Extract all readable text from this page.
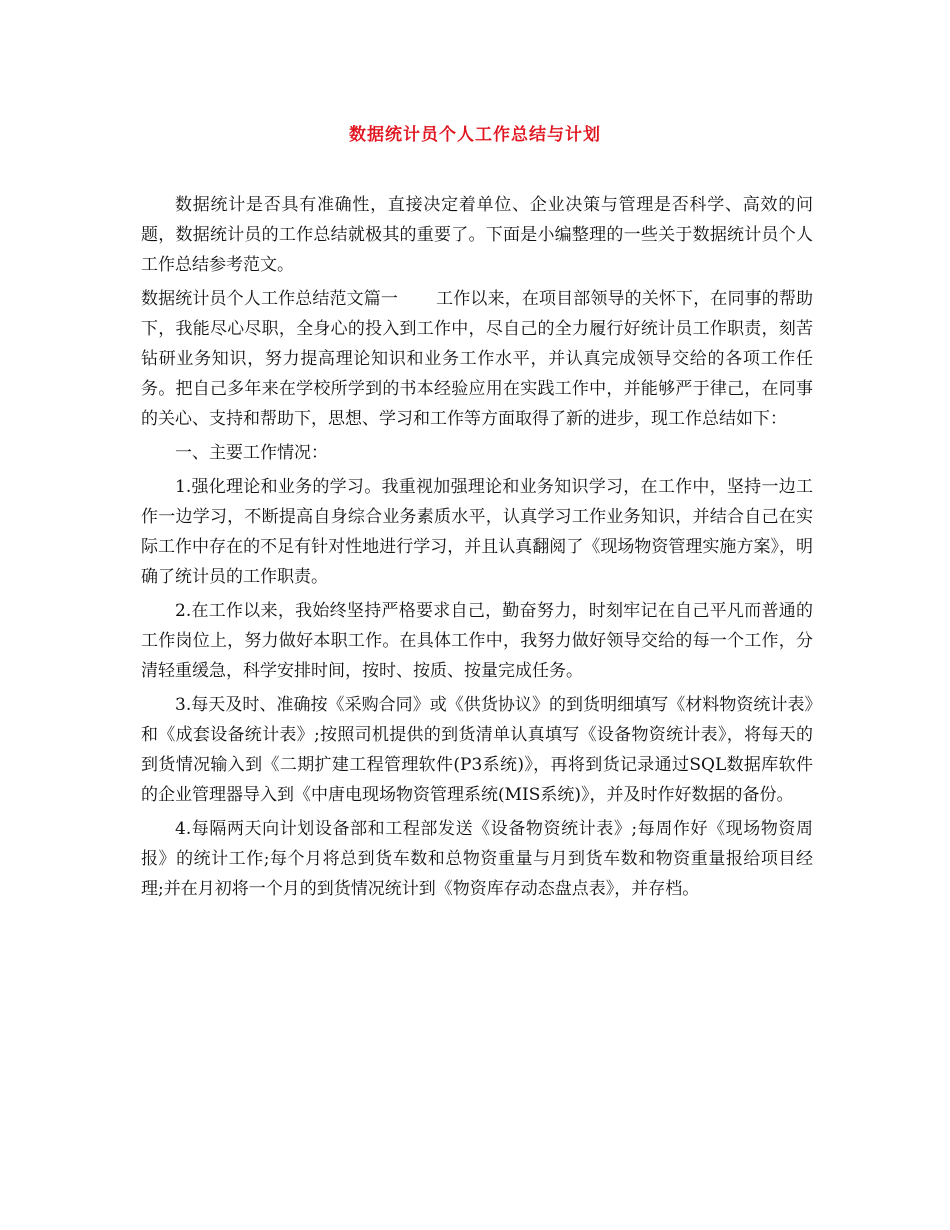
数据统计员个人工作总结与计划

数据统计是否具有准确性，直接决定着单位、企业决策与管理是否科学、高效的问题，数据统计员的工作总结就极其的重要了。下面是小编整理的一些关于数据统计员个人工作总结参考范文。

数据统计员个人工作总结范文篇一 工作以来，在项目部领导的关怀下，在同事的帮助下，我能尽心尽职，全身心的投入到工作中，尽自己的全力履行好统计员工作职责，刻苦钻研业务知识，努力提高理论知识和业务工作水平，并认真完成领导交给的各项工作任务。把自己多年来在学校所学到的书本经验应用在实践工作中，并能够严于律己，在同事的关心、支持和帮助下，思想、学习和工作等方面取得了新的进步，现工作总结如下：

一、主要工作情况：

1.强化理论和业务的学习。我重视加强理论和业务知识学习，在工作中，坚持一边工作一边学习，不断提高自身综合业务素质水平，认真学习工作业务知识，并结合自己在实际工作中存在的不足有针对性地进行学习，并且认真翻阅了《现场物资管理实施方案》，明确了统计员的工作职责。

2.在工作以来，我始终坚持严格要求自己，勤奋努力，时刻牢记在自己平凡而普通的工作岗位上，努力做好本职工作。在具体工作中，我努力做好领导交给的每一个工作，分清轻重缓急，科学安排时间，按时、按质、按量完成任务。

3.每天及时、准确按《采购合同》或《供货协议》的到货明细填写《材料物资统计表》和《成套设备统计表》;按照司机提供的到货清单认真填写《设备物资统计表》，将每天的到货情况输入到《二期扩建工程管理软件(P3系统)》，再将到货记录通过SQL数据库软件的企业管理器导入到《中唐电现场物资管理系统(MIS系统)》，并及时作好数据的备份。

4.每隔两天向计划设备部和工程部发送《设备物资统计表》;每周作好《现场物资周报》的统计工作;每个月将总到货车数和总物资重量与月到货车数和物资重量报给项目经理;并在月初将一个月的到货情况统计到《物资库存动态盘点表》，并存档。
